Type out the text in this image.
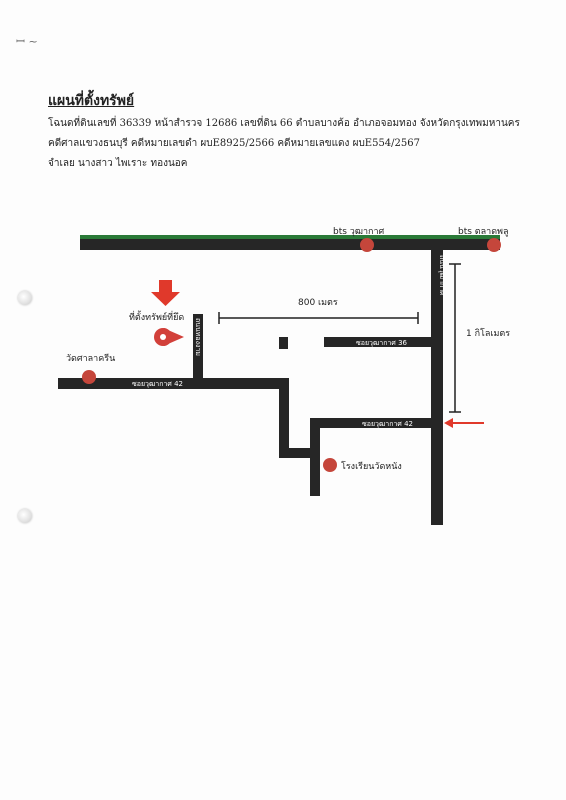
ꟷ ~
แผนที่ตั้งทรัพย์
โฉนดที่ดินเลขที่ 36339 หน้าสำรวจ 12686 เลขที่ดิน 66 ตำบลบางค้อ อำเภอจอมทอง จังหวัดกรุงเทพมหานคร
คดีศาลแขวงธนบุรี คดีหมายเลขดำ ผบE8925/2566 คดีหมายเลขแดง ผบE554/2567
จำเลย นางสาว ไพเราะ ทองนอค
bts วุฒากาศ	bts ตลาดพลู
ถนนวุฒากาศ
800 เมตร
1 กิโลเมตร
ซอยวุฒากาศ 36
ซอยวุฒากาศ 42
ซอยวุฒากาศ 42
ถนนทองงาม
ที่ตั้งทรัพย์ที่ยึด
วัดศาลาครีน
โรงเรียนวัดหนัง
